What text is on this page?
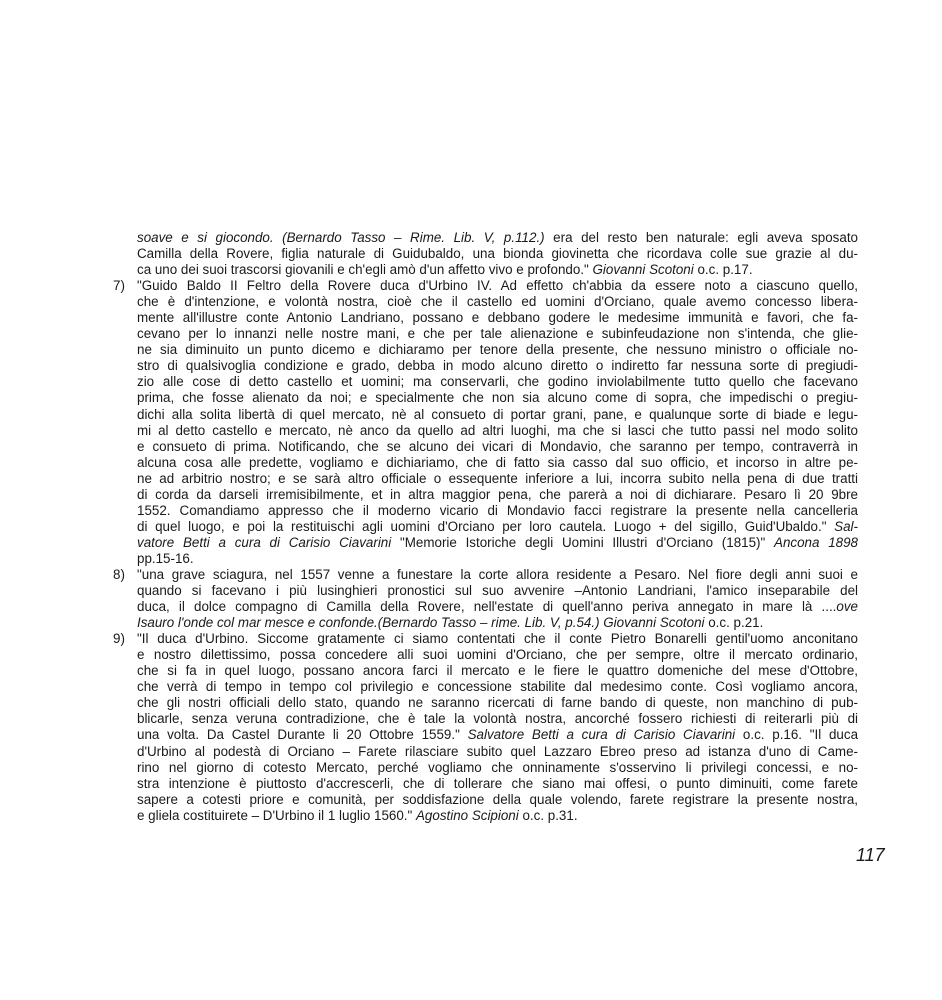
soave e si giocondo. (Bernardo Tasso – Rime. Lib. V, p.112.) era del resto ben naturale: egli aveva sposato
Camilla della Rovere, figlia naturale di Guidubaldo, una bionda giovinetta che ricordava colle sue grazie al du-
ca uno dei suoi trascorsi giovanili e ch'egli amò d'un affetto vivo e profondo." Giovanni Scotoni o.c. p.17.
7) "Guido Baldo II Feltro della Rovere duca d'Urbino IV. Ad effetto ch'abbia da essere noto a ciascuno quello,
che è d'intenzione, e volontà nostra, cioè che il castello ed uomini d'Orciano, quale avemo concesso libera-
mente all'illustre conte Antonio Landriano, possano e debbano godere le medesime immunità e favori, che fa-
cevano per lo innanzi nelle nostre mani, e che per tale alienazione e subinfeudazione non s'intenda, che glie-
ne sia diminuito un punto dicemo e dichiaramo per tenore della presente, che nessuno ministro o officiale no-
stro di qualsivoglia condizione e grado, debba in modo alcuno diretto o indiretto far nessuna sorte di pregiudi-
zio alle cose di detto castello et uomini; ma conservarli, che godino inviolabilmente tutto quello che facevano
prima, che fosse alienato da noi; e specialmente che non sia alcuno come di sopra, che impedischi o pregiu-
dichi alla solita libertà di quel mercato, nè al consueto di portar grani, pane, e qualunque sorte di biade e legu-
mi al detto castello e mercato, nè anco da quello ad altri luoghi, ma che si lasci che tutto passi nel modo solito
e consueto di prima. Notificando, che se alcuno dei vicari di Mondavio, che saranno per tempo, contraverrà in
alcuna cosa alle predette, vogliamo e dichiariamo, che di fatto sia casso dal suo officio, et incorso in altre pe-
ne ad arbitrio nostro; e se sarà altro officiale o essequente inferiore a lui, incorra subito nella pena di due tratti
di corda da darseli irremisibilmente, et in altra maggior pena, che parerà a noi di dichiarare. Pesaro lì 20 9bre
1552. Comandiamo appresso che il moderno vicario di Mondavio facci registrare la presente nella cancelleria
di quel luogo, e poi la restituischi agli uomini d'Orciano per loro cautela. Luogo + del sigillo, Guid'Ubaldo." Sal-
vatore Betti a cura di Carisio Ciavarini "Memorie Istoriche degli Uomini Illustri d'Orciano (1815)" Ancona 1898
pp.15-16.
8) "una grave sciagura, nel 1557 venne a funestare la corte allora residente a Pesaro. Nel fiore degli anni suoi e
quando si facevano i più lusinghieri pronostici sul suo avvenire –Antonio Landriani, l'amico inseparabile del
duca, il dolce compagno di Camilla della Rovere, nell'estate di quell'anno periva annegato in mare là ....ove
Isauro l'onde col mar mesce e confonde.(Bernardo Tasso – rime. Lib. V, p.54.) Giovanni Scotoni o.c. p.21.
9) "Il duca d'Urbino. Siccome gratamente ci siamo contentati che il conte Pietro Bonarelli gentil'uomo anconitano
e nostro dilettissimo, possa concedere alli suoi uomini d'Orciano, che per sempre, oltre il mercato ordinario,
che si fa in quel luogo, possano ancora farci il mercato e le fiere le quattro domeniche del mese d'Ottobre,
che verrà di tempo in tempo col privilegio e concessione stabilite dal medesimo conte. Così vogliamo ancora,
che gli nostri officiali dello stato, quando ne saranno ricercati di farne bando di queste, non manchino di pub-
blicarle, senza veruna contradizione, che è tale la volontà nostra, ancorché fossero richiesti di reiterarli più di
una volta. Da Castel Durante li 20 Ottobre 1559." Salvatore Betti a cura di Carisio Ciavarini o.c. p.16. "Il duca
d'Urbino al podestà di Orciano – Farete rilasciare subito quel Lazzaro Ebreo preso ad istanza d'uno di Came-
rino nel giorno di cotesto Mercato, perché vogliamo che onninamente s'osservino li privilegi concessi, e no-
stra intenzione è piuttosto d'accrescerli, che di tollerare che siano mai offesi, o punto diminuiti, come farete
sapere a cotesti priore e comunità, per soddisfazione della quale volendo, farete registrare la presente nostra,
e gliela costituirete – D'Urbino il 1 luglio 1560." Agostino Scipioni o.c. p.31.
117
